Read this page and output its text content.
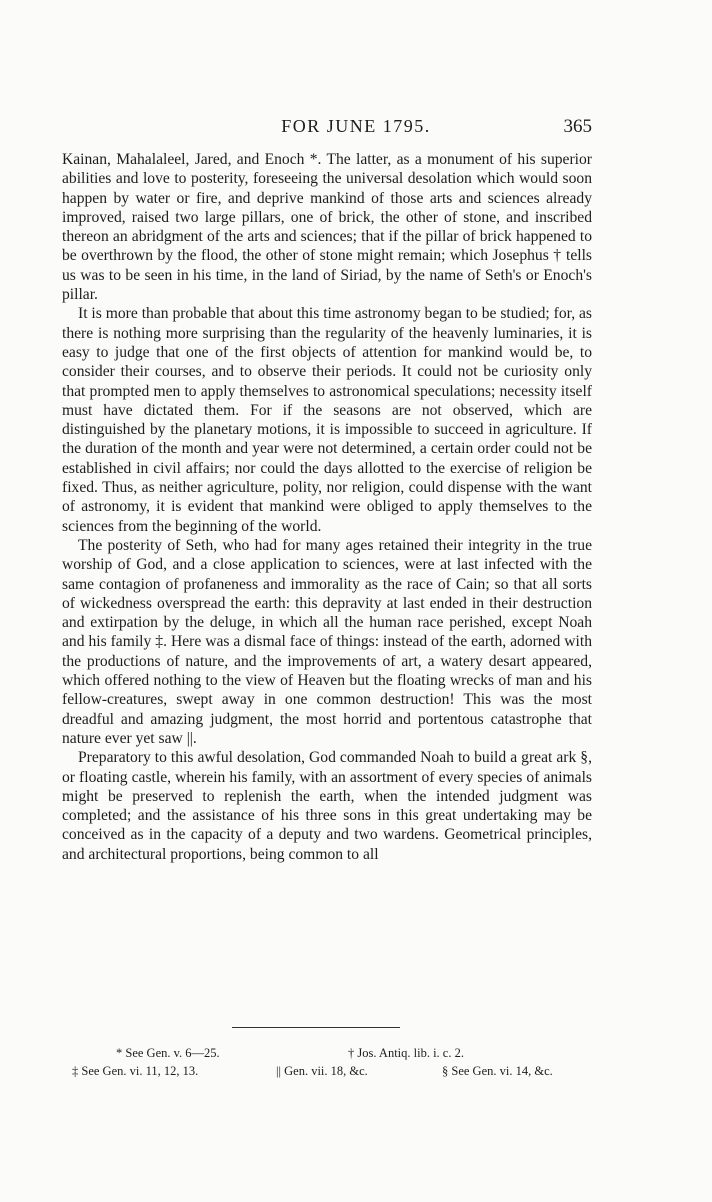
FOR JUNE 1795.	365

Kainan, Mahalaleel, Jared, and Enoch *. The latter, as a monument of his superior abilities and love to posterity, foreseeing the universal desolation which would soon happen by water or fire, and deprive mankind of those arts and sciences already improved, raised two large pillars, one of brick, the other of stone, and inscribed thereon an abridgment of the arts and sciences; that if the pillar of brick happened to be overthrown by the flood, the other of stone might remain; which Josephus † tells us was to be seen in his time, in the land of Siriad, by the name of Seth's or Enoch's pillar.

It is more than probable that about this time astronomy began to be studied; for, as there is nothing more surprising than the regularity of the heavenly luminaries, it is easy to judge that one of the first objects of attention for mankind would be, to consider their courses, and to observe their periods. It could not be curiosity only that prompted men to apply themselves to astronomical speculations; necessity itself must have dictated them. For if the seasons are not observed, which are distinguished by the planetary motions, it is impossible to succeed in agriculture. If the duration of the month and year were not determined, a certain order could not be established in civil affairs; nor could the days allotted to the exercise of religion be fixed. Thus, as neither agriculture, polity, nor religion, could dispense with the want of astronomy, it is evident that mankind were obliged to apply themselves to the sciences from the beginning of the world.

The posterity of Seth, who had for many ages retained their integrity in the true worship of God, and a close application to sciences, were at last infected with the same contagion of profaneness and immorality as the race of Cain; so that all sorts of wickedness overspread the earth: this depravity at last ended in their destruction and extirpation by the deluge, in which all the human race perished, except Noah and his family ‡. Here was a dismal face of things: instead of the earth, adorned with the productions of nature, and the improvements of art, a watery desart appeared, which offered nothing to the view of Heaven but the floating wrecks of man and his fellow-creatures, swept away in one common destruction! This was the most dreadful and amazing judgment, the most horrid and portentous catastrophe that nature ever yet saw ||.

Preparatory to this awful desolation, God commanded Noah to build a great ark §, or floating castle, wherein his family, with an assortment of every species of animals might be preserved to replenish the earth, when the intended judgment was completed; and the assistance of his three sons in this great undertaking may be conceived as in the capacity of a deputy and two wardens. Geometrical principles, and architectural proportions, being common to all

* See Gen. v. 6—25.	† Jos. Antiq. lib. i. c. 2.
‡ See Gen. vi. 11, 12, 13.	|| Gen. vii. 18, &c.	§ See Gen. vi. 14, &c.
